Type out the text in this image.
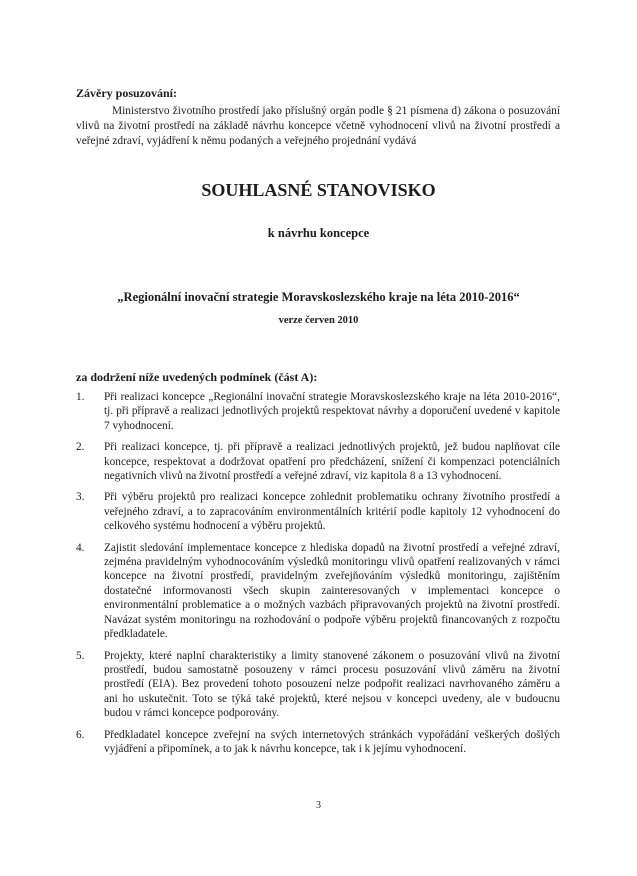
Závěry posuzování:
Ministerstvo životního prostředí jako příslušný orgán podle § 21 písmena d) zákona o posuzování vlivů na životní prostředí na základě návrhu koncepce včetně vyhodnocení vlivů na životní prostředí a veřejné zdraví, vyjádření k němu podaných a veřejného projednání vydává
SOUHLASNÉ STANOVISKO
k návrhu koncepce
„Regionální inovační strategie Moravskoslezského kraje na léta 2010-2016“
verze červen 2010
za dodržení níže uvedených podmínek (část A):
1. Při realizaci koncepce „Regionální inovační strategie Moravskoslezského kraje na léta 2010-2016“, tj. při přípravě a realizaci jednotlivých projektů respektovat návrhy a doporučení uvedené v kapitole 7 vyhodnocení.
2. Při realizaci koncepce, tj. při přípravě a realizaci jednotlivých projektů, jež budou naplňovat cíle koncepce, respektovat a dodržovat opatření pro předcházení, snížení či kompenzaci potenciálních negativních vlivů na životní prostředí a veřejné zdraví, viz kapitola 8 a 13 vyhodnocení.
3. Při výběru projektů pro realizaci koncepce zohlednit problematiku ochrany životního prostředí a veřejného zdraví, a to zapracováním environmentálních kritérií podle kapitoly 12 vyhodnocení do celkového systému hodnocení a výběru projektů.
4. Zajistit sledování implementace koncepce z hlediska dopadů na životní prostředí a veřejné zdraví, zejména pravidelným vyhodnocováním výsledků monitoringu vlivů opatření realizovaných v rámci koncepce na životní prostředí, pravidelným zveřejňováním výsledků monitoringu, zajištěním dostatečné informovanosti všech skupin zainteresovaných v implementaci koncepce o environmentální problematice a o možných vazbách připravovaných projektů na životní prostředí. Navázat systém monitoringu na rozhodování o podpoře výběru projektů financovaných z rozpočtu předkladatele.
5. Projekty, které naplní charakteristiky a limity stanovené zákonem o posuzování vlivů na životní prostředí, budou samostatně posouzeny v rámci procesu posuzování vlivů záměru na životní prostředí (EIA). Bez provedení tohoto posouzení nelze podpořit realizaci navrhovaného záměru a ani ho uskutečnit. Toto se týká také projektů, které nejsou v koncepci uvedeny, ale v budoucnu budou v rámci koncepce podporovány.
6. Předkladatel koncepce zveřejní na svých internetových stránkách vypořádání veškerých došlých vyjádření a připomínek, a to jak k návrhu koncepce, tak i k jejímu vyhodnocení.
3
